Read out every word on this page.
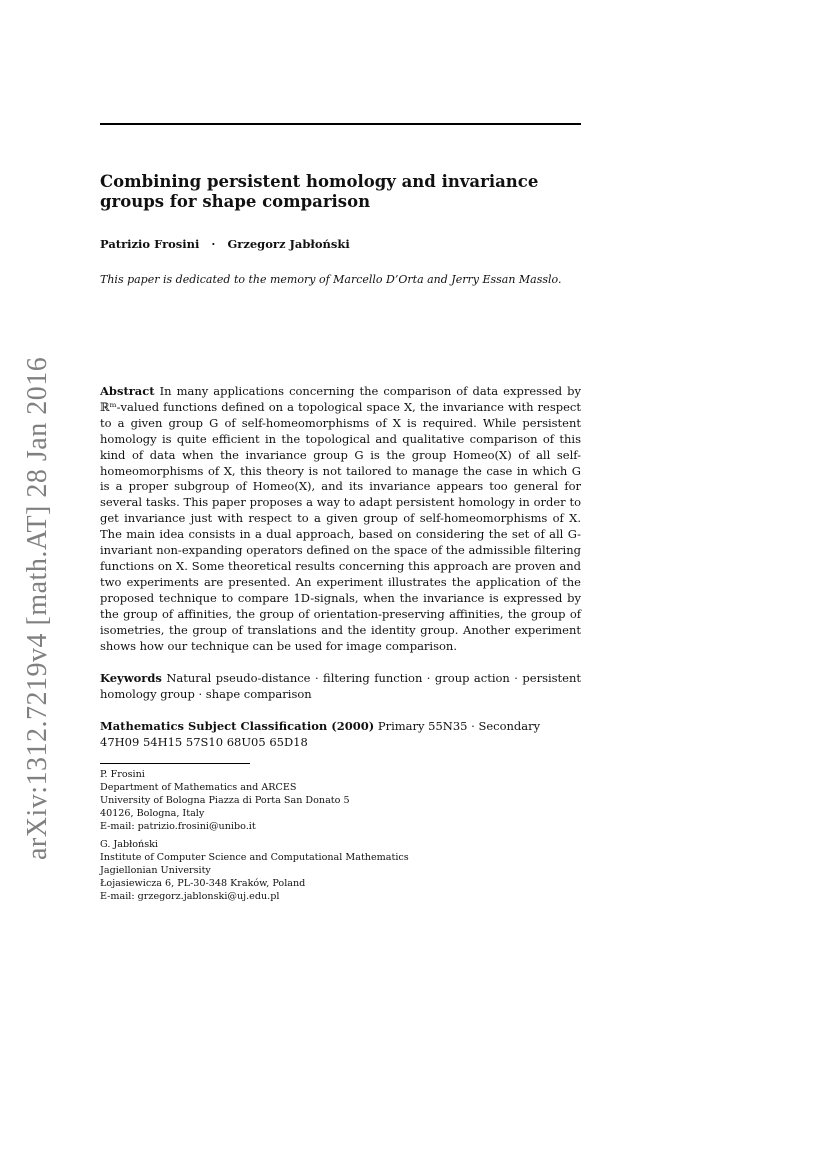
arXiv:1312.7219v4 [math.AT] 28 Jan 2016
Combining persistent homology and invariance groups for shape comparison
Patrizio Frosini · Grzegorz Jabłoński
This paper is dedicated to the memory of Marcello D’Orta and Jerry Essan Masslo.

Abstract In many applications concerning the comparison of data expressed by ℝᵐ-valued functions defined on a topological space X, the invariance with respect to a given group G of self-homeomorphisms of X is required. While persistent homology is quite efficient in the topological and qualitative comparison of this kind of data when the invariance group G is the group Homeo(X) of all self-homeomorphisms of X, this theory is not tailored to manage the case in which G is a proper subgroup of Homeo(X), and its invariance appears too general for several tasks. This paper proposes a way to adapt persistent homology in order to get invariance just with respect to a given group of self-homeomorphisms of X. The main idea consists in a dual approach, based on considering the set of all G-invariant non-expanding operators defined on the space of the admissible filtering functions on X. Some theoretical results concerning this approach are proven and two experiments are presented. An experiment illustrates the application of the proposed technique to compare 1D-signals, when the invariance is expressed by the group of affinities, the group of orientation-preserving affinities, the group of isometries, the group of translations and the identity group. Another experiment shows how our technique can be used for image comparison.

Keywords Natural pseudo-distance · filtering function · group action · persistent homology group · shape comparison

Mathematics Subject Classification (2000) Primary 55N35 · Secondary 47H09 54H15 57S10 68U05 65D18

P. Frosini
Department of Mathematics and ARCES
University of Bologna Piazza di Porta San Donato 5
40126, Bologna, Italy
E-mail: patrizio.frosini@unibo.it
G. Jabłoński
Institute of Computer Science and Computational Mathematics
Jagiellonian University
Łojasiewicza 6, PL-30-348 Kraków, Poland
E-mail: grzegorz.jablonski@uj.edu.pl
